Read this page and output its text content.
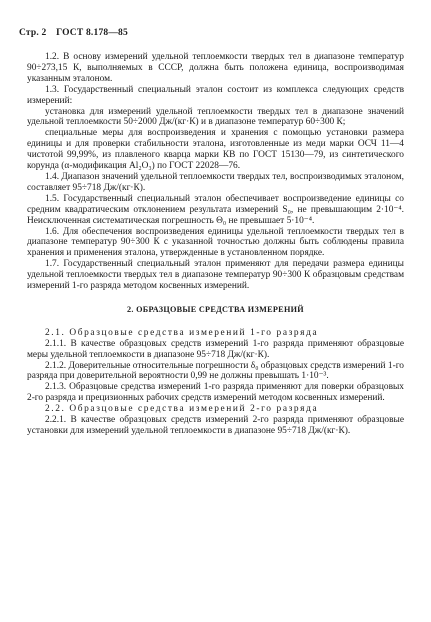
Стр. 2 ГОСТ 8.178—85

1.2. В основу измерений удельной теплоемкости твердых тел в диапазоне температур 90÷273,15 К, выполняемых в СССР, должна быть положена единица, воспроизводимая указанным эталоном.

1.3. Государственный специальный эталон состоит из комплекса следующих средств измерений:

установка для измерений удельной теплоемкости твердых тел в диапазоне значений удельной теплоемкости 50÷2000 Дж/(кг·К) и в диапазоне температур 60÷300 К;

специальные меры для воспроизведения и хранения с помощью установки размера единицы и для проверки стабильности эталона, изготовленные из меди марки ОСЧ 11—4 чистотой 99,99%, из плавленого кварца марки КВ по ГОСТ 15130—79, из синтетического корунда (α-модификация Al₂O₃) по ГОСТ 22028—76.

1.4. Диапазон значений удельной теплоемкости твердых тел, воспроизводимых эталоном, составляет 95÷718 Дж/(кг·К).

1.5. Государственный специальный эталон обеспечивает воспроизведение единицы со средним квадратическим отклонением результата измерений S₀, не превышающим 2·10⁻⁴. Неисключенная систематическая погрешность Θ₀ не превышает 5·10⁻⁴.

1.6. Для обеспечения воспроизведения единицы удельной теплоемкости твердых тел в диапазоне температур 90÷300 К с указанной точностью должны быть соблюдены правила хранения и применения эталона, утвержденные в установленном порядке.

1.7. Государственный специальный эталон применяют для передачи размера единицы удельной теплоемкости твердых тел в диапазоне температур 90÷300 К образцовым средствам измерений 1-го разряда методом косвенных измерений.

2. ОБРАЗЦОВЫЕ СРЕДСТВА ИЗМЕРЕНИЙ

2.1. Образцовые средства измерений 1-го разряда

2.1.1. В качестве образцовых средств измерений 1-го разряда применяют образцовые меры удельной теплоемкости в диапазоне 95÷718 Дж/(кг·К).

2.1.2. Доверительные относительные погрешности δ₀ образцовых средств измерений 1-го разряда при доверительной вероятности 0,99 не должны превышать 1·10⁻³.

2.1.3. Образцовые средства измерений 1-го разряда применяют для поверки образцовых 2-го разряда и прецизионных рабочих средств измерений методом косвенных измерений.

2.2. Образцовые средства измерений 2-го разряда

2.2.1. В качестве образцовых средств измерений 2-го разряда применяют образцовые установки для измерений удельной теплоемкости в диапазоне 95÷718 Дж/(кг·К).
